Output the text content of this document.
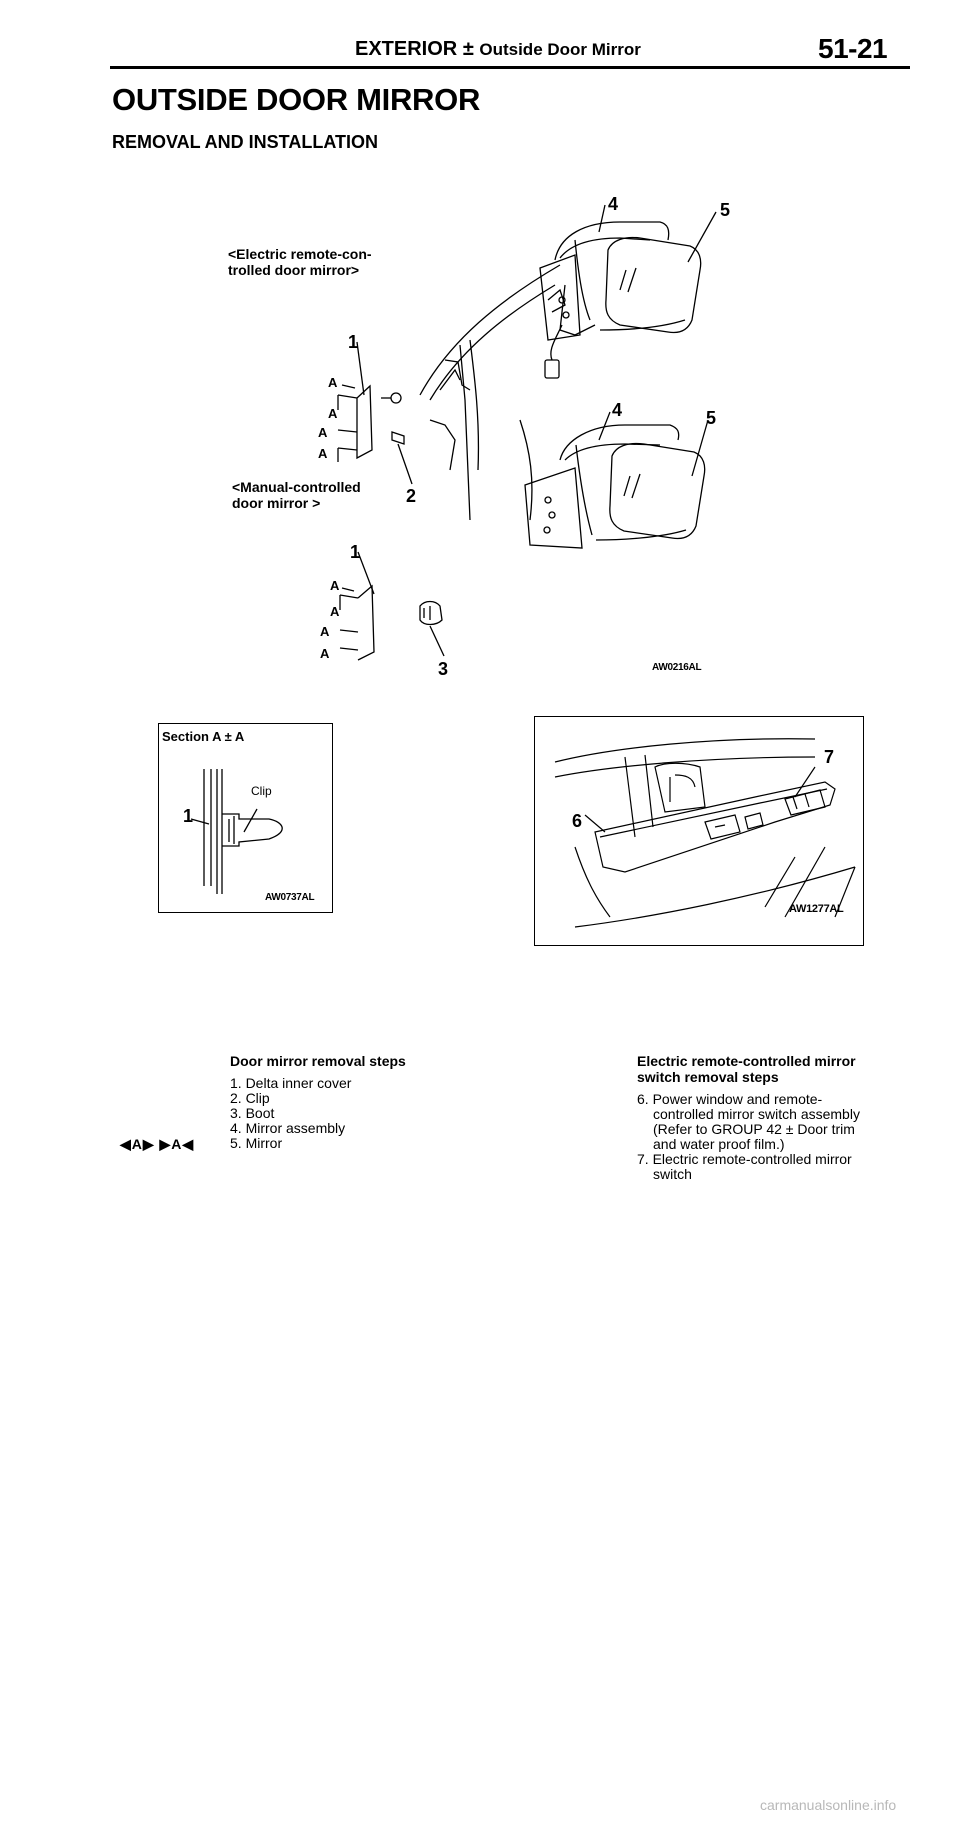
EXTERIOR ± Outside Door Mirror	51-21
OUTSIDE DOOR MIRROR
REMOVAL AND INSTALLATION
<Electric remote-con-
trolled door mirror>
<Manual-controlled
door mirror >
4	5
1
4	5
2
1
3
A
A
A
A
A
A
A
A
AW0216AL
Section A ± A
1
Clip
AW0737AL
6
7
AW1277AL
Door mirror removal steps
1. Delta inner cover
2. Clip
3. Boot
4. Mirror assembly
5. Mirror
◀A▶ ▶A◀
Electric remote-controlled mirror
switch removal steps
6. Power window and remote-
controlled mirror switch assembly
(Refer to GROUP 42 ± Door trim
and water proof film.)
7. Electric remote-controlled mirror
switch
carmanualsonline.info
